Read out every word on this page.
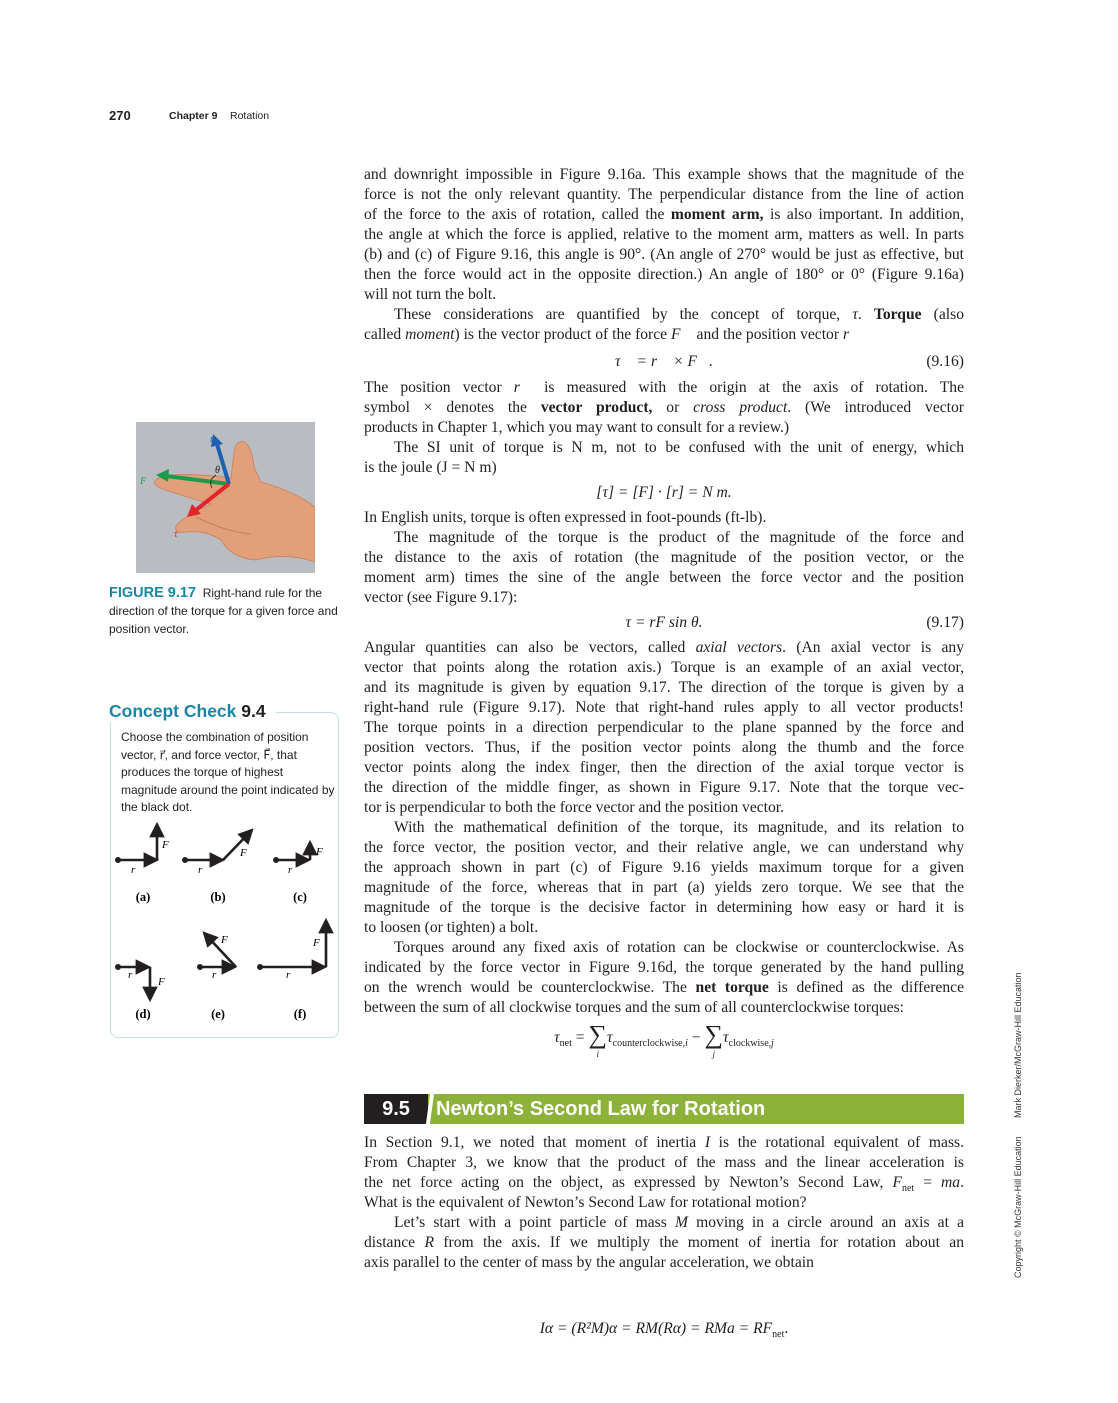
270	Chapter 9 Rotation
r⃗
F⃗
τ⃗
θ
FIGURE 9.17 Right-hand rule for the direction of the torque for a given force and position vector.
Concept Check 9.4
Choose the combination of position vector, r⃗, and force vector, F⃗, that produces the torque of highest magnitude around the point indicated by the black dot.
r⃗
F⃗
r⃗
F⃗
r⃗
F⃗
r⃗
F⃗
r⃗
F⃗
r⃗
F⃗
(a)	(b)	(c)
(d)	(e)	(f)
and downright impossible in Figure 9.16a. This example shows that the magnitude of the
force is not the only relevant quantity. The perpendicular distance from the line of action
of the force to the axis of rotation, called the moment arm, is also important. In addition,
the angle at which the force is applied, relative to the moment arm, matters as well. In parts
(b) and (c) of Figure 9.16, this angle is 90°. (An angle of 270° would be just as effective, but
then the force would act in the opposite direction.) An angle of 180° or 0° (Figure 9.16a)
will not turn the bolt.
These considerations are quantified by the concept of torque, τ. Torque (also
called moment) is the vector product of the force F⃗ and the position vector r⃗
τ⃗ = r⃗ × F⃗.	(9.16)
The position vector r⃗ is measured with the origin at the axis of rotation. The
symbol × denotes the vector product, or cross product. (We introduced vector
products in Chapter 1, which you may want to consult for a review.)
The SI unit of torque is N m, not to be confused with the unit of energy, which
is the joule (J = N m)
[τ] = [F] · [r] = N m.
In English units, torque is often expressed in foot-pounds (ft-lb).
The magnitude of the torque is the product of the magnitude of the force and
the distance to the axis of rotation (the magnitude of the position vector, or the
moment arm) times the sine of the angle between the force vector and the position
vector (see Figure 9.17):
τ = rF sin θ.	(9.17)
Angular quantities can also be vectors, called axial vectors. (An axial vector is any
vector that points along the rotation axis.) Torque is an example of an axial vector,
and its magnitude is given by equation 9.17. The direction of the torque is given by a
right-hand rule (Figure 9.17). Note that right-hand rules apply to all vector products!
The torque points in a direction perpendicular to the plane spanned by the force and
position vectors. Thus, if the position vector points along the thumb and the force
vector points along the index finger, then the direction of the axial torque vector is
the direction of the middle finger, as shown in Figure 9.17. Note that the torque vec-
tor is perpendicular to both the force vector and the position vector.
With the mathematical definition of the torque, its magnitude, and its relation to
the force vector, the position vector, and their relative angle, we can understand why
the approach shown in part (c) of Figure 9.16 yields maximum torque for a given
magnitude of the force, whereas that in part (a) yields zero torque. We see that the
magnitude of the torque is the decisive factor in determining how easy or hard it is
to loosen (or tighten) a bolt.
Torques around any fixed axis of rotation can be clockwise or counterclockwise. As
indicated by the force vector in Figure 9.16d, the torque generated by the hand pulling
on the wrench would be counterclockwise. The net torque is defined as the difference
between the sum of all clockwise torques and the sum of all counterclockwise torques:
$\tau_{net}$ = ∑
$i\tau_{counterclockwise,i}$ − ∑
$j\tau_{clockwise,j}$
9.5	Newton’s Second Law for Rotation
In Section 9.1, we noted that moment of inertia I is the rotational equivalent of mass.
From Chapter 3, we know that the product of the mass and the linear acceleration is
the net force acting on the object, as expressed by Newton’s Second Law, $F_{net}$ = ma.
What is the equivalent of Newton’s Second Law for rotational motion?
Let’s start with a point particle of mass M moving in a circle around an axis at a
distance R from the axis. If we multiply the moment of inertia for rotation about an
axis parallel to the center of mass by the angular acceleration, we obtain
Iα = (R²M)α = RM(Rα) = RMa = $RF_{net}$.
Mark Dierker/McGraw-Hill Education
Copyright © McGraw-Hill Education
